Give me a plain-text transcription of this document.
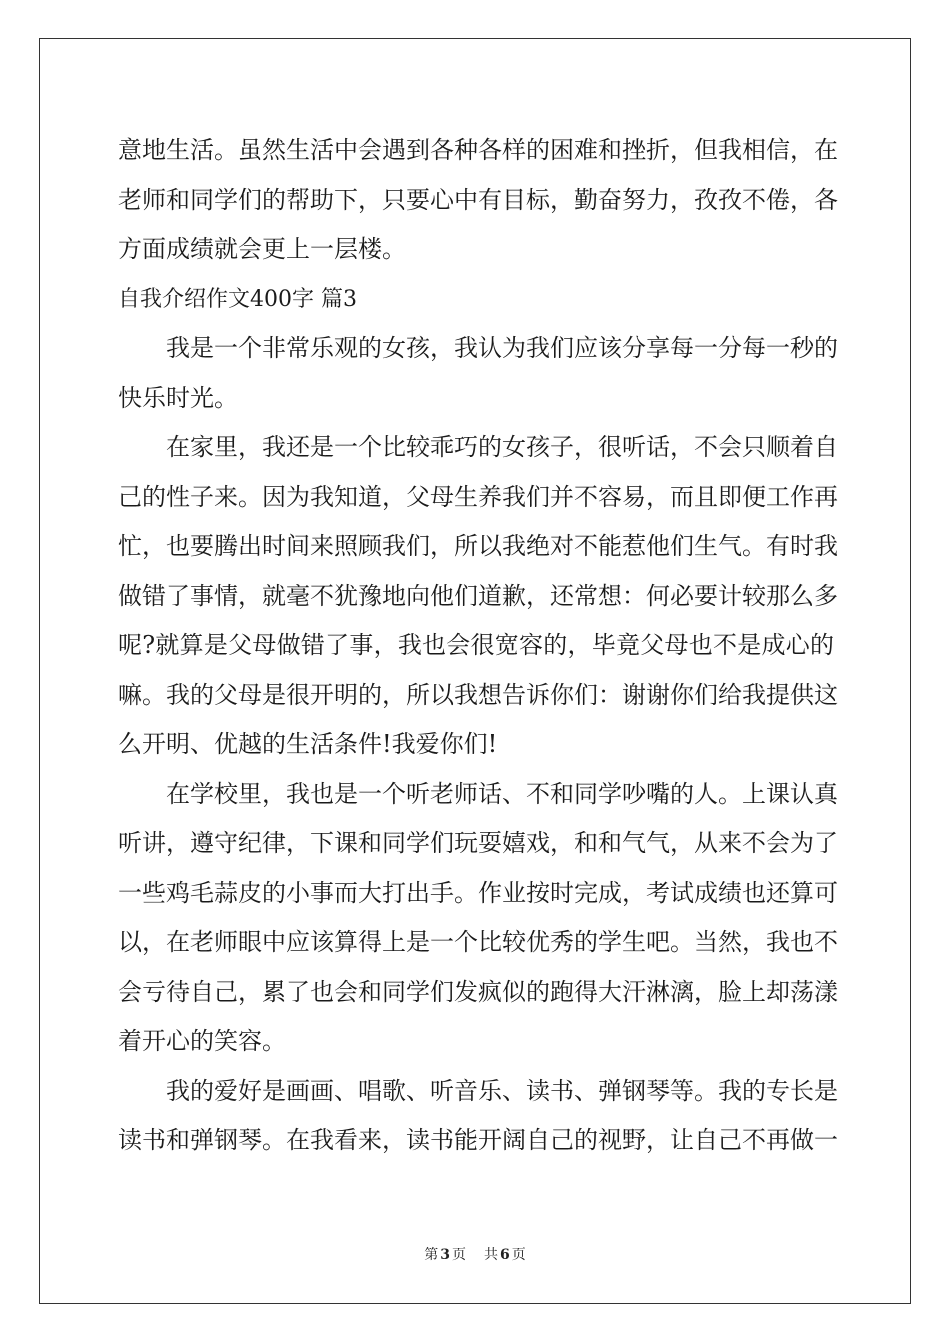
意地生活。虽然生活中会遇到各种各样的困难和挫折，但我相信，在
老师和同学们的帮助下，只要心中有目标，勤奋努力，孜孜不倦，各
方面成绩就会更上一层楼。
自我介绍作文400字 篇3
我是一个非常乐观的女孩，我认为我们应该分享每一分每一秒的
快乐时光。
在家里，我还是一个比较乖巧的女孩子，很听话，不会只顺着自
己的性子来。因为我知道，父母生养我们并不容易，而且即便工作再
忙，也要腾出时间来照顾我们，所以我绝对不能惹他们生气。有时我
做错了事情，就毫不犹豫地向他们道歉，还常想：何必要计较那么多
呢?就算是父母做错了事，我也会很宽容的，毕竟父母也不是成心的
嘛。我的父母是很开明的，所以我想告诉你们：谢谢你们给我提供这
么开明、优越的生活条件!我爱你们!
在学校里，我也是一个听老师话、不和同学吵嘴的人。上课认真
听讲，遵守纪律，下课和同学们玩耍嬉戏，和和气气，从来不会为了
一些鸡毛蒜皮的小事而大打出手。作业按时完成，考试成绩也还算可
以，在老师眼中应该算得上是一个比较优秀的学生吧。当然，我也不
会亏待自己，累了也会和同学们发疯似的跑得大汗淋漓，脸上却荡漾
着开心的笑容。
我的爱好是画画、唱歌、听音乐、读书、弹钢琴等。我的专长是
读书和弹钢琴。在我看来，读书能开阔自己的视野，让自己不再做一
第 3 页 共 6 页
